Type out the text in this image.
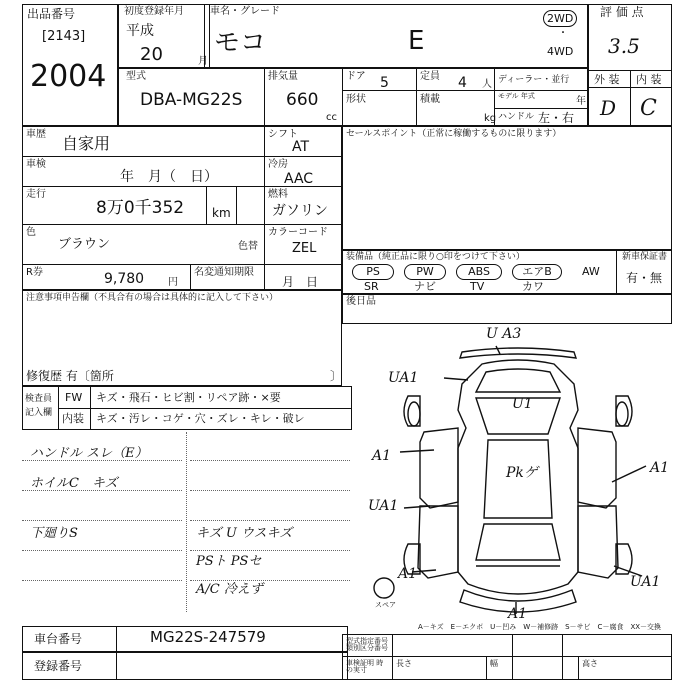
出品番号
[2143]
2004
初度登録年月
平成
20	月
車名・グレード
モコ	E
2WD
・
4WD
評 価 点
3.5
外 装 内 装
D C
型式
DBA-MG22S
排気量
660
cc
ドア 5	定員 4 人
形状	積載
kg
ディーラー・並行
モデル 年式	年
ハンドル 左・右
車歴 自家用	シフト
AT
車検
年　月（　日）
冷房
AAC
走行
8万0千352 km
燃料
ガソリン
色
ブラウン	色替
カラーコード
ZEL
R券	9,780 円
名変通知期限
月　日
セールスポイント（正常に稼働するものに限ります）
注意事項申告欄（不具合有の場合は具体的に記入して下さい）
修復歴 有〔箇所	〕
装備品（純正品に限り○印をつけて下さい）
PS	PW	ABS	エアB	AW
SR	ナビ	TV	カワ
新車保証書
有・無
後日品
検査員
記入欄
FW キズ・飛石・ヒビ割・リペア跡・×要
内装 キズ・汚レ・コゲ・穴・ズレ・キレ・破レ
ハンドル スレ（E）
ホイルC　キズ
下廻りS	キズ U ウスキズ
PSト PSセ
A/C 冷えず
U A3
UA1
U1
A1
Pkゲ	A1
UA1
A1	UA1
A1
スペア
A－キズ　E－エクボ　U－凹み　W－補修跡　S－サビ　C－腐食　XX－交換
車台番号	MG22S-247579
登録番号
型式指定番号 類別区分番号
車検証明 時の実寸
長さ	幅	高さ
